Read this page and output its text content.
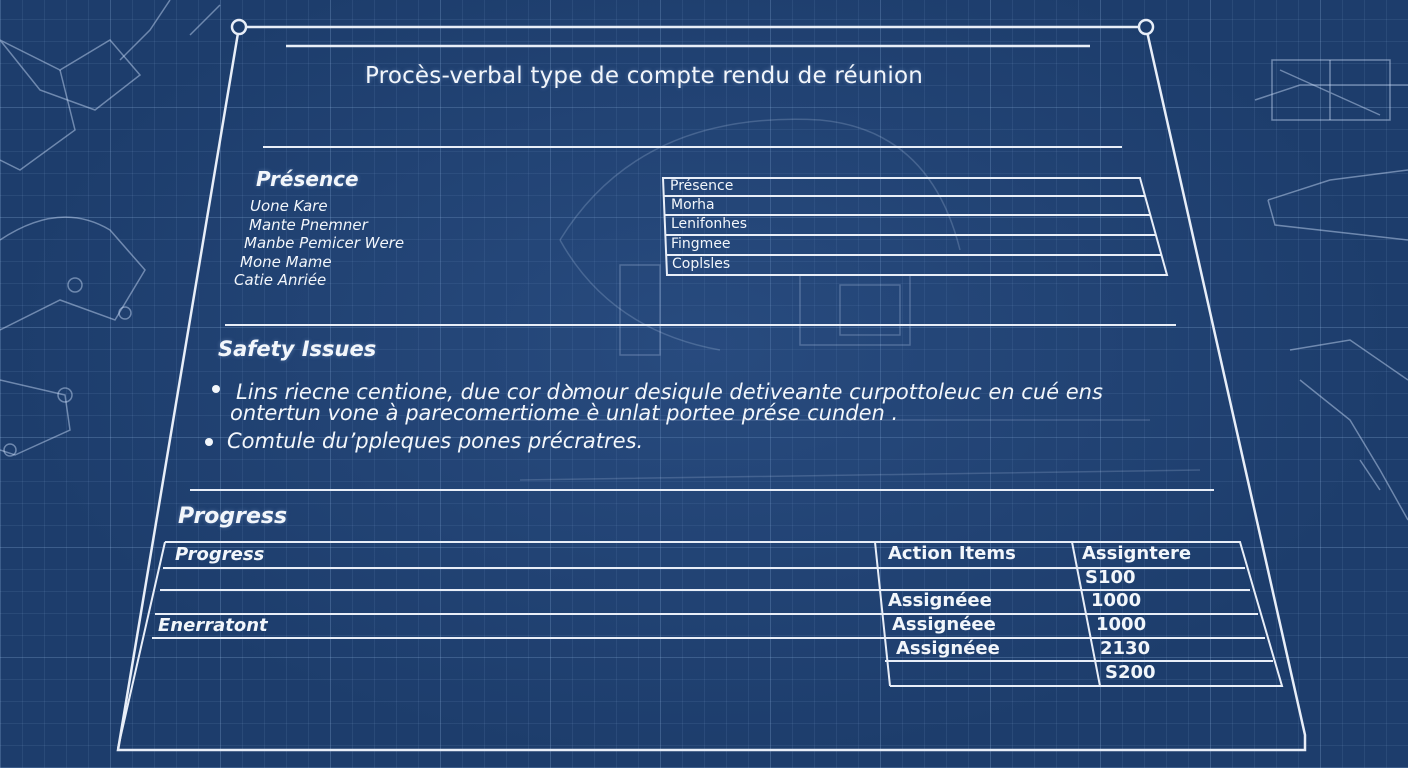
Procès-verbal type de compte rendu de réunion
Présence
Uone Kare
Mante Pnemner
Manbe Pemicer Were
Mone Mame
Catie Anriée
Présence
Morha
Lenifonhes
Fingmee
Coplsles
Safety Issues
Lins riecne centione, due cor dꝺmour desiqule detiveante curpottoleuc en cué ens
ontertun vone à parecomertiome è unlat portee prése cunden .
Comtule du’ppleques pones précratres.
Progress
Progress	Action Items	Assigntere
Enerratont
Assignéee
Assignéee
Assignéee
S100
1000
1000
2130
S200
